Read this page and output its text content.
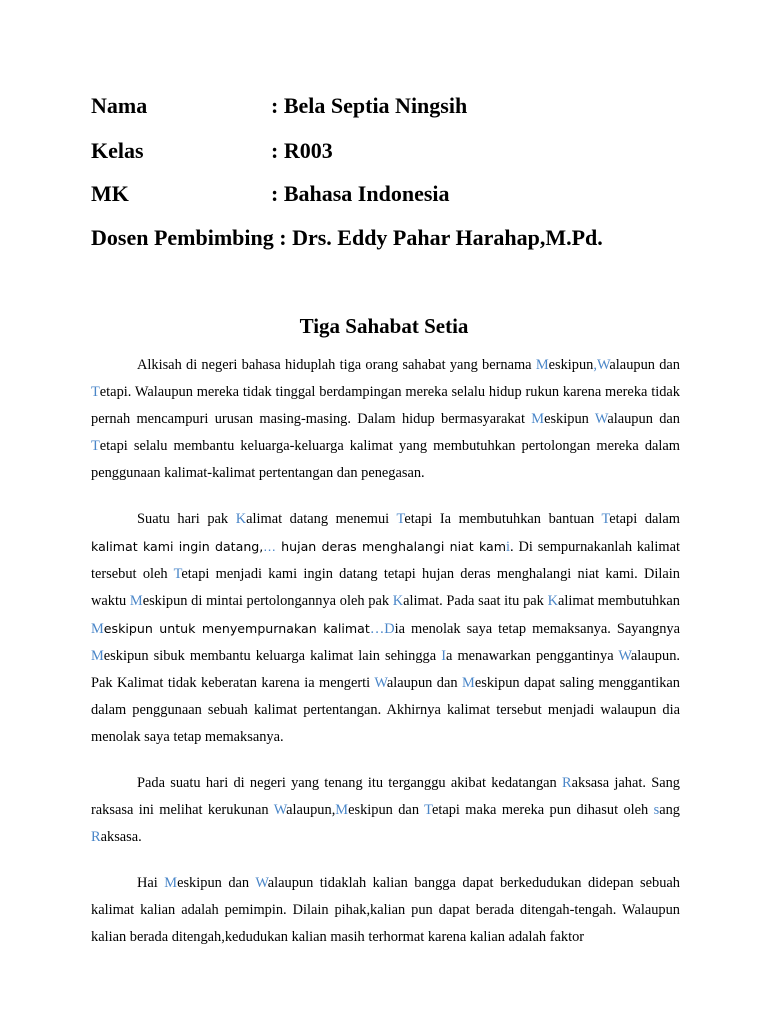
Nama	: Bela Septia Ningsih
Kelas	: R003
MK	: Bahasa Indonesia
Dosen Pembimbing : Drs. Eddy Pahar Harahap,M.Pd.
Tiga Sahabat Setia

Alkisah di negeri bahasa hiduplah tiga orang sahabat yang bernama Meskipun,Walaupun dan Tetapi. Walaupun mereka tidak tinggal berdampingan mereka selalu hidup rukun karena mereka tidak pernah mencampuri urusan masing-masing. Dalam hidup bermasyarakat Meskipun Walaupun dan Tetapi selalu membantu keluarga-keluarga kalimat yang membutuhkan pertolongan mereka dalam penggunaan kalimat-kalimat pertentangan dan penegasan.

Suatu hari pak Kalimat datang menemui Tetapi Ia membutuhkan bantuan Tetapi dalam kalimat kami ingin datang,… hujan deras menghalangi niat kami. Di sempurnakanlah kalimat tersebut oleh Tetapi menjadi kami ingin datang tetapi hujan deras menghalangi niat kami. Dilain waktu Meskipun di mintai pertolongannya oleh pak Kalimat. Pada saat itu pak Kalimat membutuhkan Meskipun untuk menyempurnakan kalimat…Dia menolak saya tetap memaksanya. Sayangnya Meskipun sibuk membantu keluarga kalimat lain sehingga Ia menawarkan penggantinya Walaupun. Pak Kalimat tidak keberatan karena ia mengerti Walaupun dan Meskipun dapat saling menggantikan dalam penggunaan sebuah kalimat pertentangan. Akhirnya kalimat tersebut menjadi walaupun dia menolak saya tetap memaksanya.

Pada suatu hari di negeri yang tenang itu terganggu akibat kedatangan Raksasa jahat. Sang raksasa ini melihat kerukunan Walaupun,Meskipun dan Tetapi maka mereka pun dihasut oleh sang Raksasa.

Hai Meskipun dan Walaupun tidaklah kalian bangga dapat berkedudukan didepan sebuah kalimat kalian adalah pemimpin. Dilain pihak,kalian pun dapat berada ditengah-tengah. Walaupun kalian berada ditengah,kedudukan kalian masih terhormat karena kalian adalah faktor
